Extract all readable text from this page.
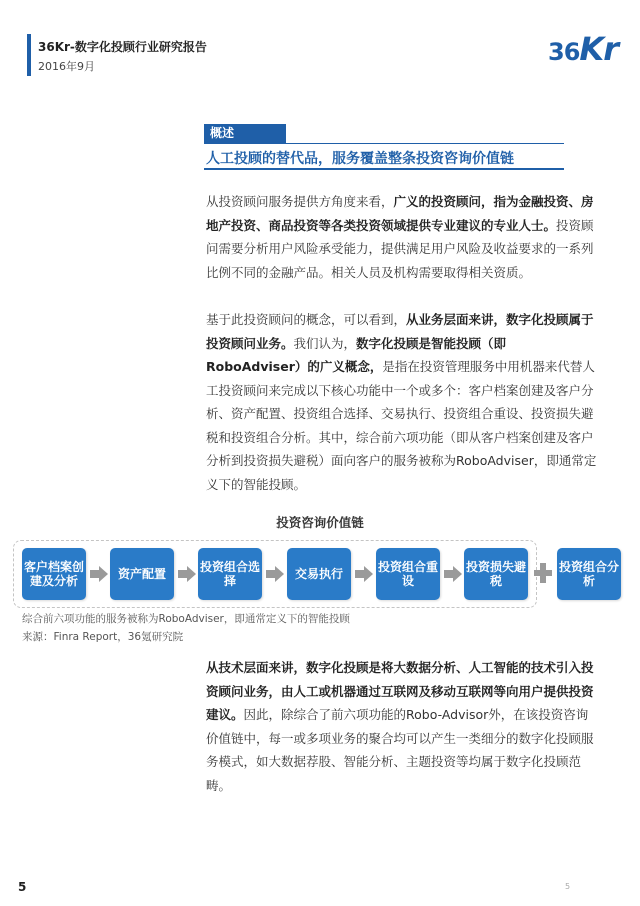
36Kr-数字化投顾行业研究报告
2016年9月
36Kr
概述
人工投顾的替代品，服务覆盖整条投资咨询价值链
从投资顾问服务提供方角度来看，广义的投资顾问，指为金融投资、房地产投资、商品投资等各类投资领域提供专业建议的专业人士。投资顾问需要分析用户风险承受能力，提供满足用户风险及收益要求的一系列比例不同的金融产品。相关人员及机构需要取得相关资质。
基于此投资顾问的概念，可以看到，从业务层面来讲，数字化投顾属于投资顾问业务。我们认为，数字化投顾是智能投顾（即RoboAdviser）的广义概念，是指在投资管理服务中用机器来代替人工投资顾问来完成以下核心功能中一个或多个：客户档案创建及客户分析、资产配置、投资组合选择、交易执行、投资组合重设、投资损失避税和投资组合分析。其中，综合前六项功能（即从客户档案创建及客户分析到投资损失避税）面向客户的服务被称为RoboAdviser，即通常定义下的智能投顾。
投资咨询价值链
客户档案创建及分析	资产配置	投资组合选择	交易执行	投资组合重设
投资损失避税
投资组合分析
综合前六项功能的服务被称为RoboAdviser，即通常定义下的智能投顾
来源：Finra Report，36氪研究院
从技术层面来讲，数字化投顾是将大数据分析、人工智能的技术引入投资顾问业务，由人工或机器通过互联网及移动互联网等向用户提供投资建议。因此，除综合了前六项功能的Robo-Advisor外，在该投资咨询价值链中，每一或多项业务的聚合均可以产生一类细分的数字化投顾服务模式，如大数据荐股、智能分析、主题投资等均属于数字化投顾范畴。
5	5
